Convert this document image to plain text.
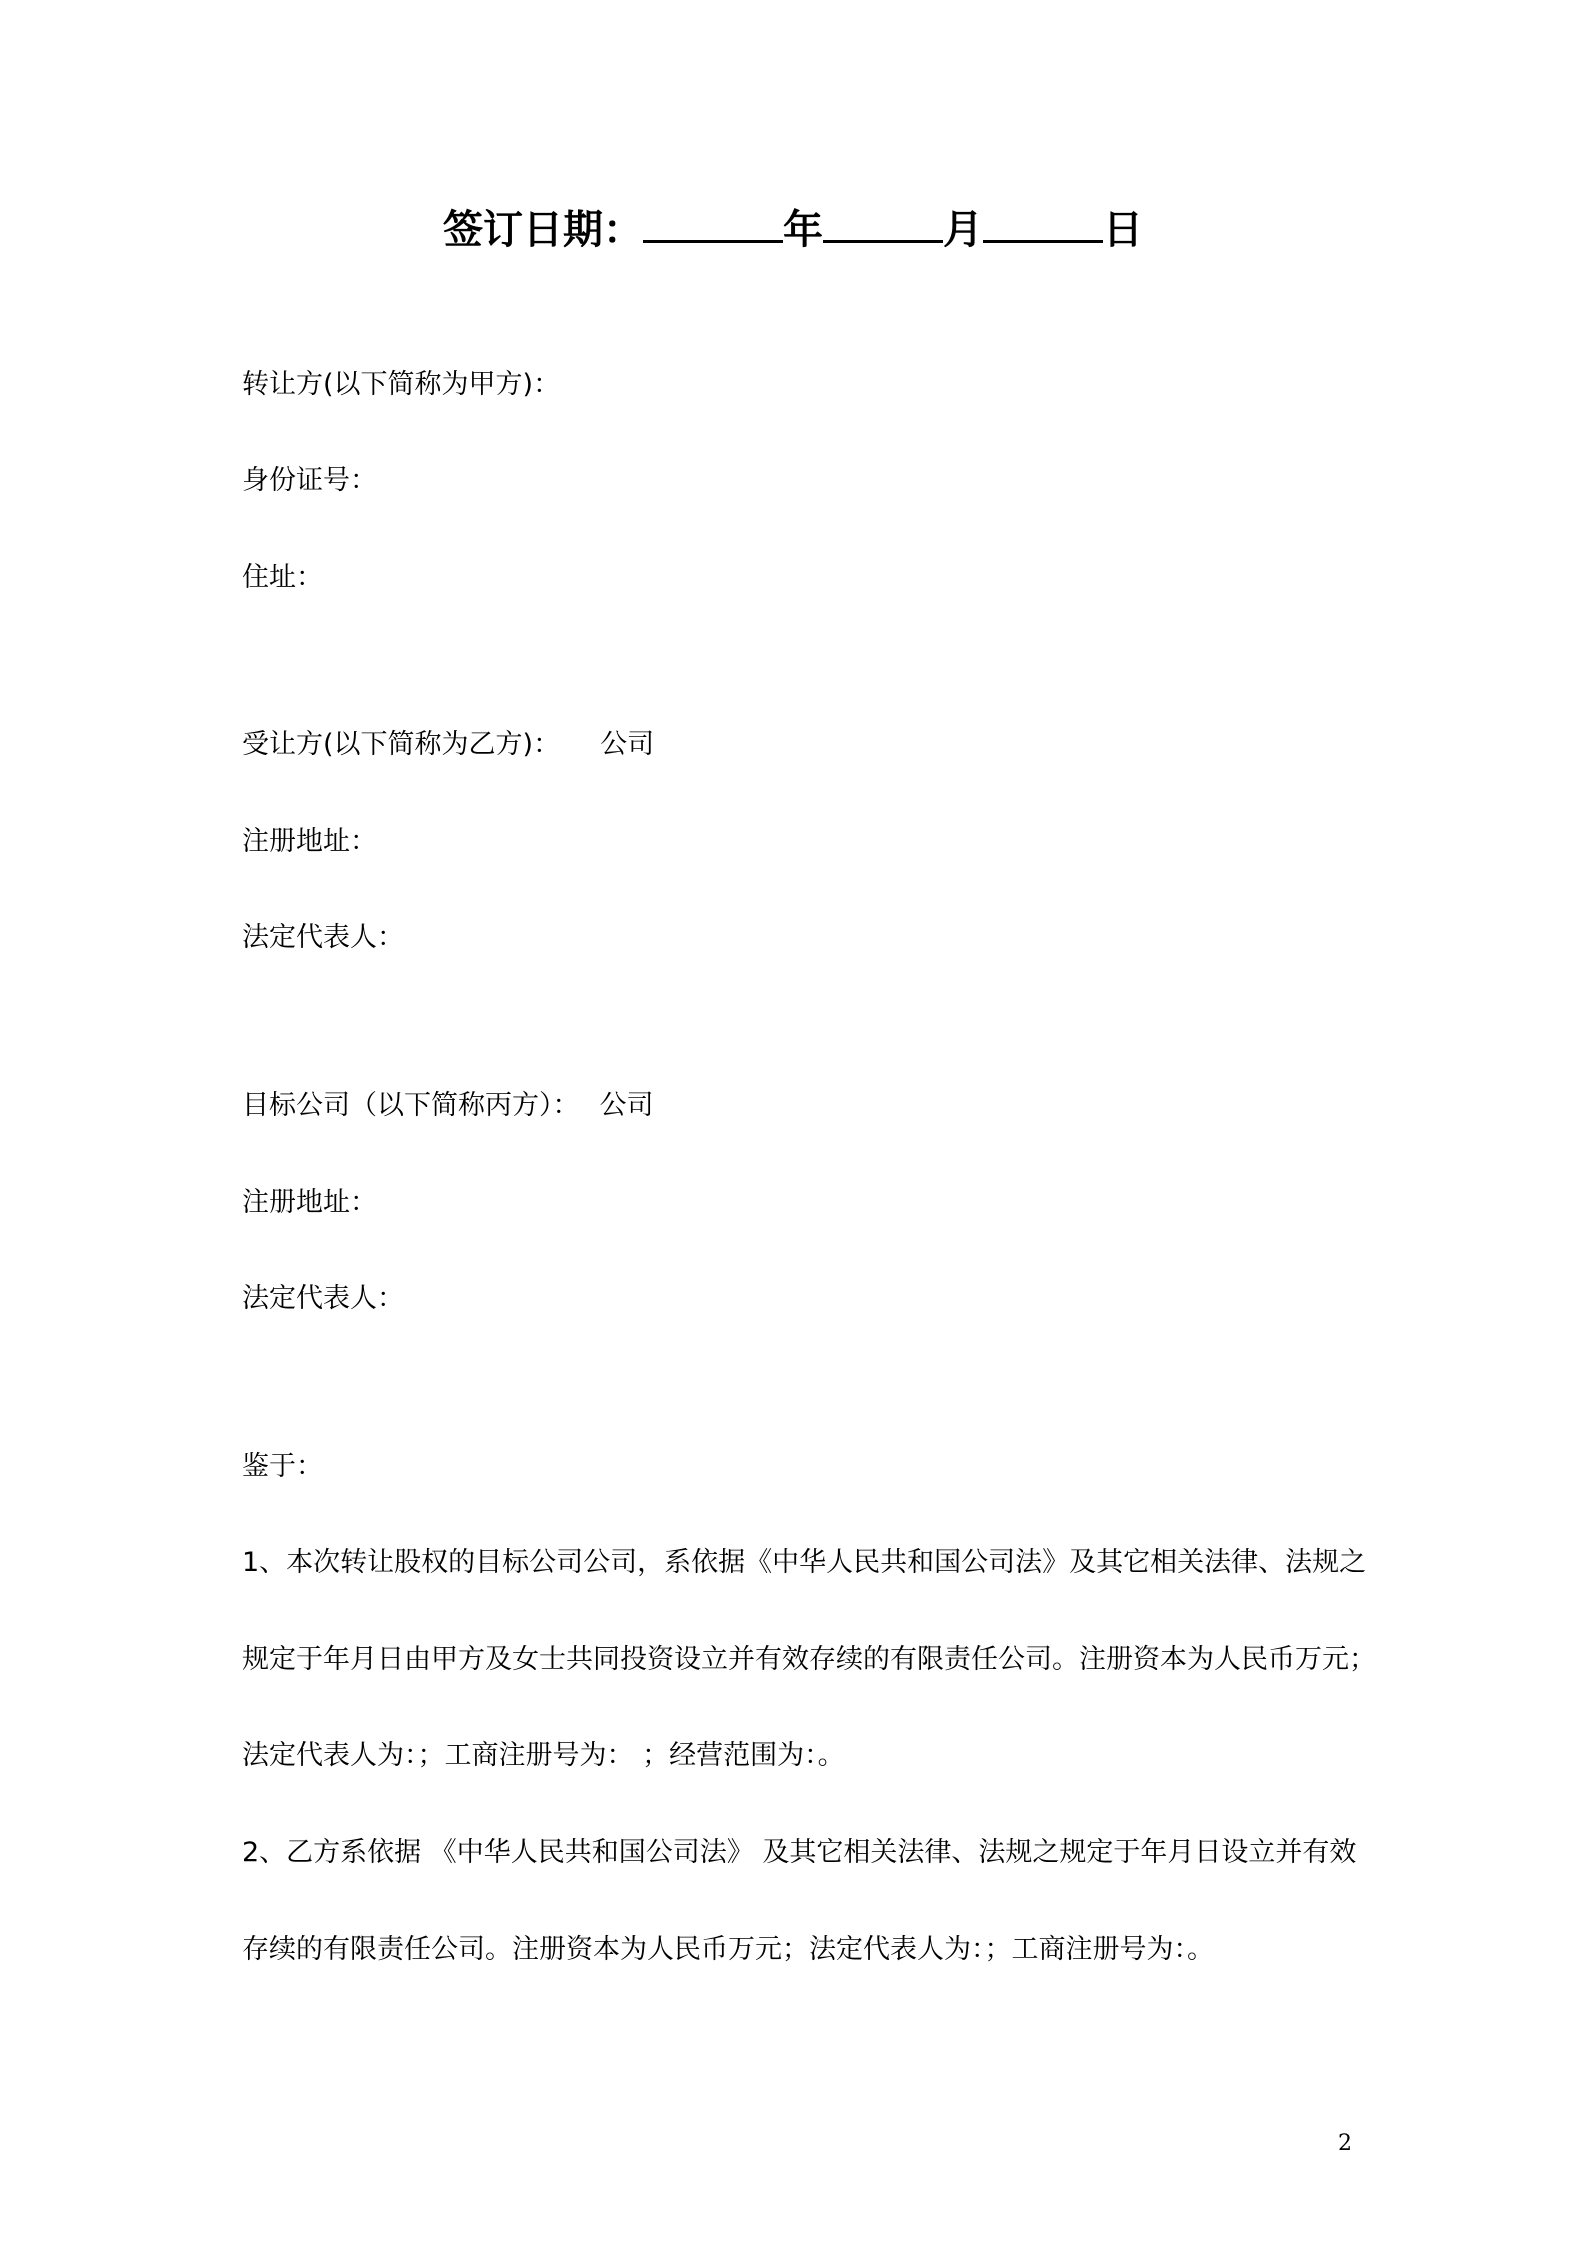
签订日期：	年	月	日
转让方(以下简称为甲方)：
身份证号：
住址：
受让方(以下简称为乙方)： 公司
注册地址：
法定代表人：
目标公司（以下简称丙方）： 公司
注册地址：
法定代表人：
鉴于：
1、本次转让股权的目标公司公司，系依据《中华人民共和国公司法》及其它相关法律、法规之
规定于年月日由甲方及女士共同投资设立并有效存续的有限责任公司。注册资本为人民币万元；
法定代表人为：；工商注册号为： ；经营范围为：。
2、乙方系依据 《中华人民共和国公司法》 及其它相关法律、法规之规定于年月日设立并有效
存续的有限责任公司。注册资本为人民币万元；法定代表人为：；工商注册号为：。
2
